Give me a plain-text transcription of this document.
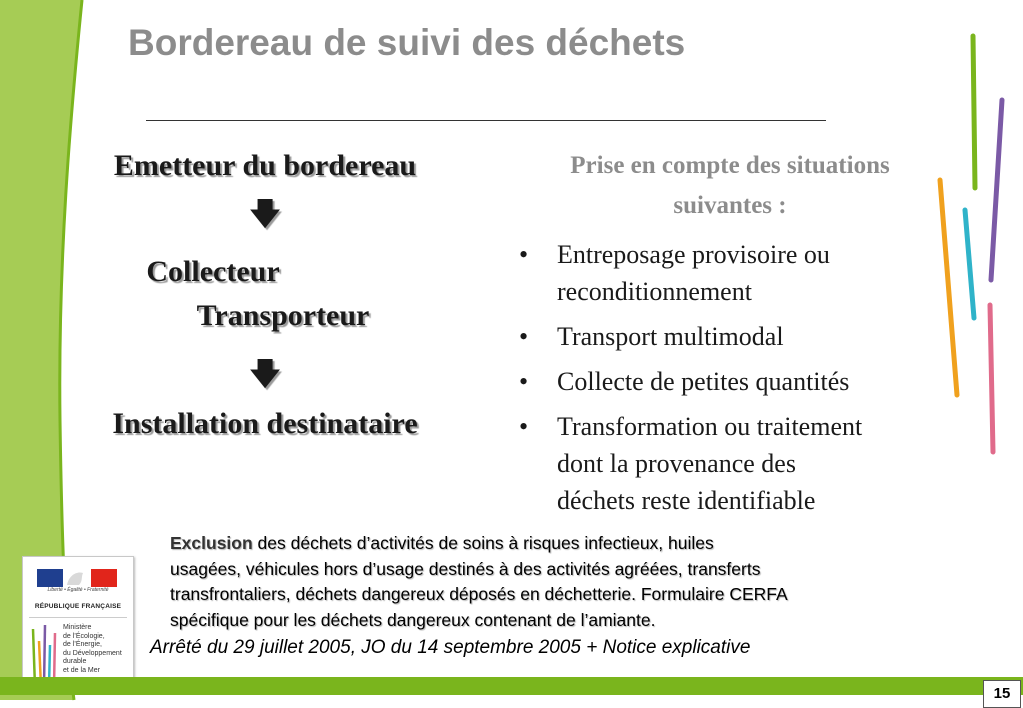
Bordereau de suivi des déchets
Emetteur du bordereau
🡇
Collecteur
Transporteur
🡇
Installation destinataire
Prise en compte des situations
suivantes :
• Entreposage provisoire ou
reconditionnement
• Transport multimodal
• Collecte de petites quantités
• Transformation ou traitement
dont la provenance des
déchets reste identifiable
Exclusion des déchets d’activités de soins à risques infectieux, huiles
usagées, véhicules hors d’usage destinés à des activités agréées, transferts
transfrontaliers, déchets dangereux déposés en déchetterie. Formulaire CERFA
spécifique pour les déchets dangereux contenant de l’amiante.
Arrêté du 29 juillet 2005, JO du 14 septembre 2005 + Notice explicative
Liberté • Égalité • Fraternité
RÉPUBLIQUE FRANÇAISE
Ministère
de l’Écologie,
de l’Énergie,
du Développement
durable
et de la Mer
15
